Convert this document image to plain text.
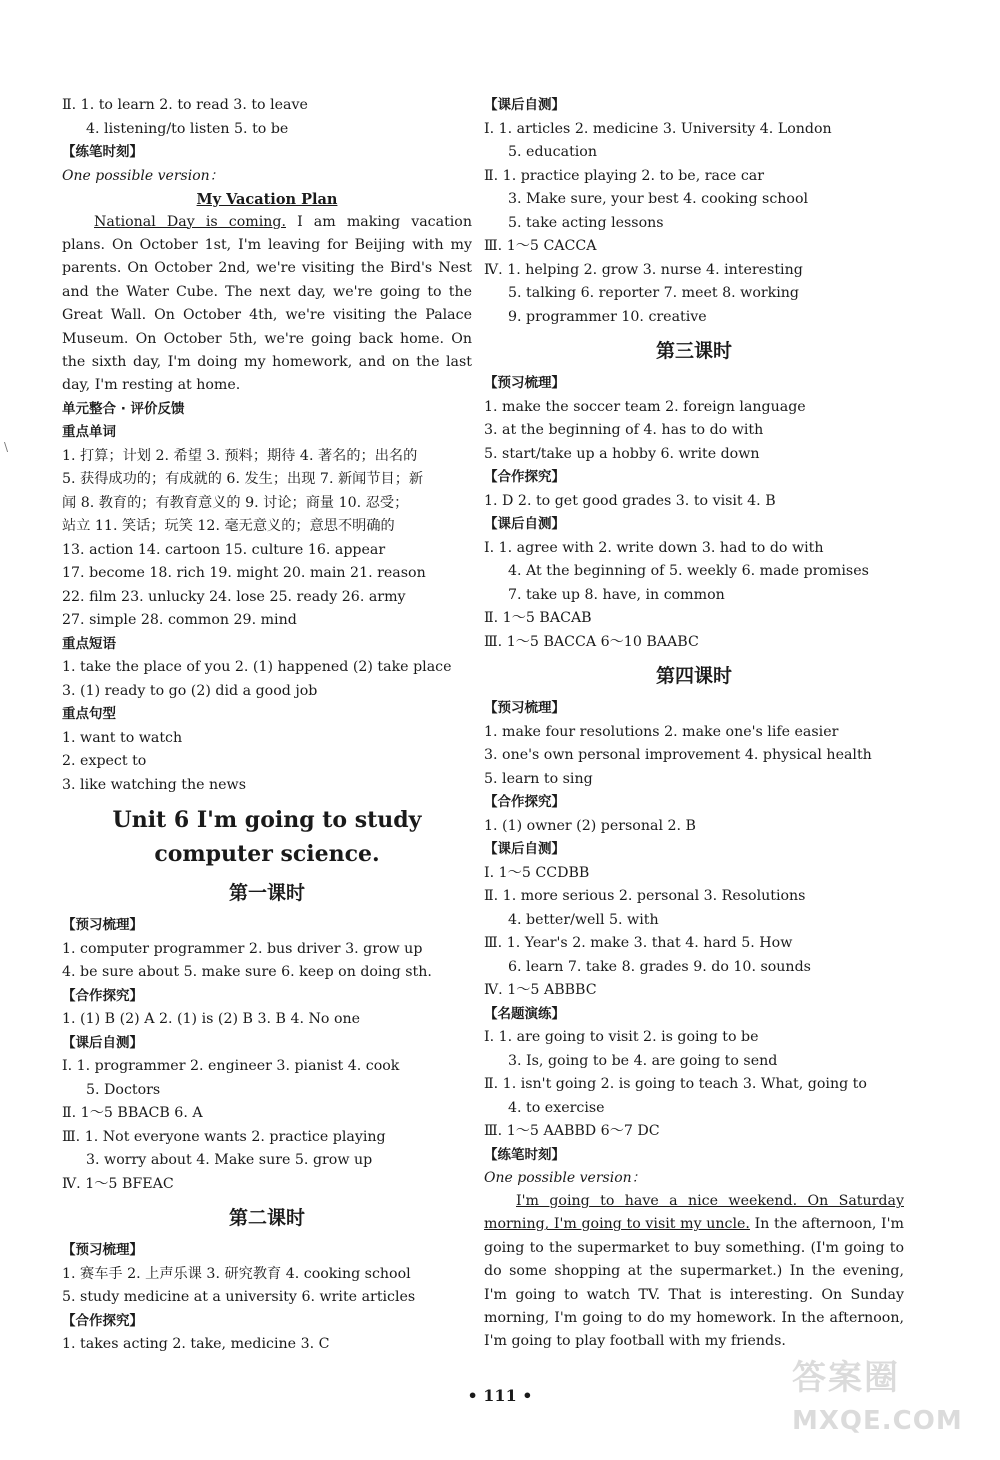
\
Ⅱ. 1. to learn 2. to read 3. to leave
4. listening/to listen 5. to be
【练笔时刻】
One possible version：
My Vacation Plan
National Day is coming. I am making vacation plans. On October 1st, I'm leaving for Beijing with my parents. On October 2nd, we're visiting the Bird's Nest and the Water Cube. The next day, we're going to the Great Wall. On October 4th, we're visiting the Palace Museum. On October 5th, we're going back home. On the sixth day, I'm doing my homework, and on the last day, I'm resting at home.
单元整合 · 评价反馈
重点单词
1. 打算；计划 2. 希望 3. 预料；期待 4. 著名的；出名的
5. 获得成功的；有成就的 6. 发生；出现 7. 新闻节目；新
闻 8. 教育的；有教育意义的 9. 讨论；商量 10. 忍受；
站立 11. 笑话；玩笑 12. 毫无意义的；意思不明确的
13. action 14. cartoon 15. culture 16. appear
17. become 18. rich 19. might 20. main 21. reason
22. film 23. unlucky 24. lose 25. ready 26. army
27. simple 28. common 29. mind
重点短语
1. take the place of you 2. (1) happened (2) take place
3. (1) ready to go (2) did a good job
重点句型
1. want to watch
2. expect to
3. like watching the news
Unit 6 I'm going to study
computer science.
第一课时
【预习梳理】
1. computer programmer 2. bus driver 3. grow up
4. be sure about 5. make sure 6. keep on doing sth.
【合作探究】
1. (1) B (2) A 2. (1) is (2) B 3. B 4. No one
【课后自测】
Ⅰ. 1. programmer 2. engineer 3. pianist 4. cook
5. Doctors
Ⅱ. 1～5 BBACB 6. A
Ⅲ. 1. Not everyone wants 2. practice playing
3. worry about 4. Make sure 5. grow up
Ⅳ. 1～5 BFEAC
第二课时
【预习梳理】
1. 赛车手 2. 上声乐课 3. 研究教育 4. cooking school
5. study medicine at a university 6. write articles
【合作探究】
1. takes acting 2. take, medicine 3. C
【课后自测】
Ⅰ. 1. articles 2. medicine 3. University 4. London
5. education
Ⅱ. 1. practice playing 2. to be, race car
3. Make sure, your best 4. cooking school
5. take acting lessons
Ⅲ. 1～5 CACCA
Ⅳ. 1. helping 2. grow 3. nurse 4. interesting
5. talking 6. reporter 7. meet 8. working
9. programmer 10. creative
第三课时
【预习梳理】
1. make the soccer team 2. foreign language
3. at the beginning of 4. has to do with
5. start/take up a hobby 6. write down
【合作探究】
1. D 2. to get good grades 3. to visit 4. B
【课后自测】
Ⅰ. 1. agree with 2. write down 3. had to do with
4. At the beginning of 5. weekly 6. made promises
7. take up 8. have, in common
Ⅱ. 1～5 BACAB
Ⅲ. 1～5 BACCA 6～10 BAABC
第四课时
【预习梳理】
1. make four resolutions 2. make one's life easier
3. one's own personal improvement 4. physical health
5. learn to sing
【合作探究】
1. (1) owner (2) personal 2. B
【课后自测】
Ⅰ. 1～5 CCDBB
Ⅱ. 1. more serious 2. personal 3. Resolutions
4. better/well 5. with
Ⅲ. 1. Year's 2. make 3. that 4. hard 5. How
6. learn 7. take 8. grades 9. do 10. sounds
Ⅳ. 1～5 ABBBC
【名题演练】
Ⅰ. 1. are going to visit 2. is going to be
3. Is, going to be 4. are going to send
Ⅱ. 1. isn't going 2. is going to teach 3. What, going to
4. to exercise
Ⅲ. 1～5 AABBD 6～7 DC
【练笔时刻】
One possible version：
I'm going to have a nice weekend. On Saturday morning, I'm going to visit my uncle. In the afternoon, I'm going to the supermarket to buy something. (I'm going to do some shopping at the supermarket.) In the evening, I'm going to watch TV. That is interesting. On Sunday morning, I'm going to do my homework. In the afternoon, I'm going to play football with my friends.
• 111 •	答案圈
MXQE.COM
